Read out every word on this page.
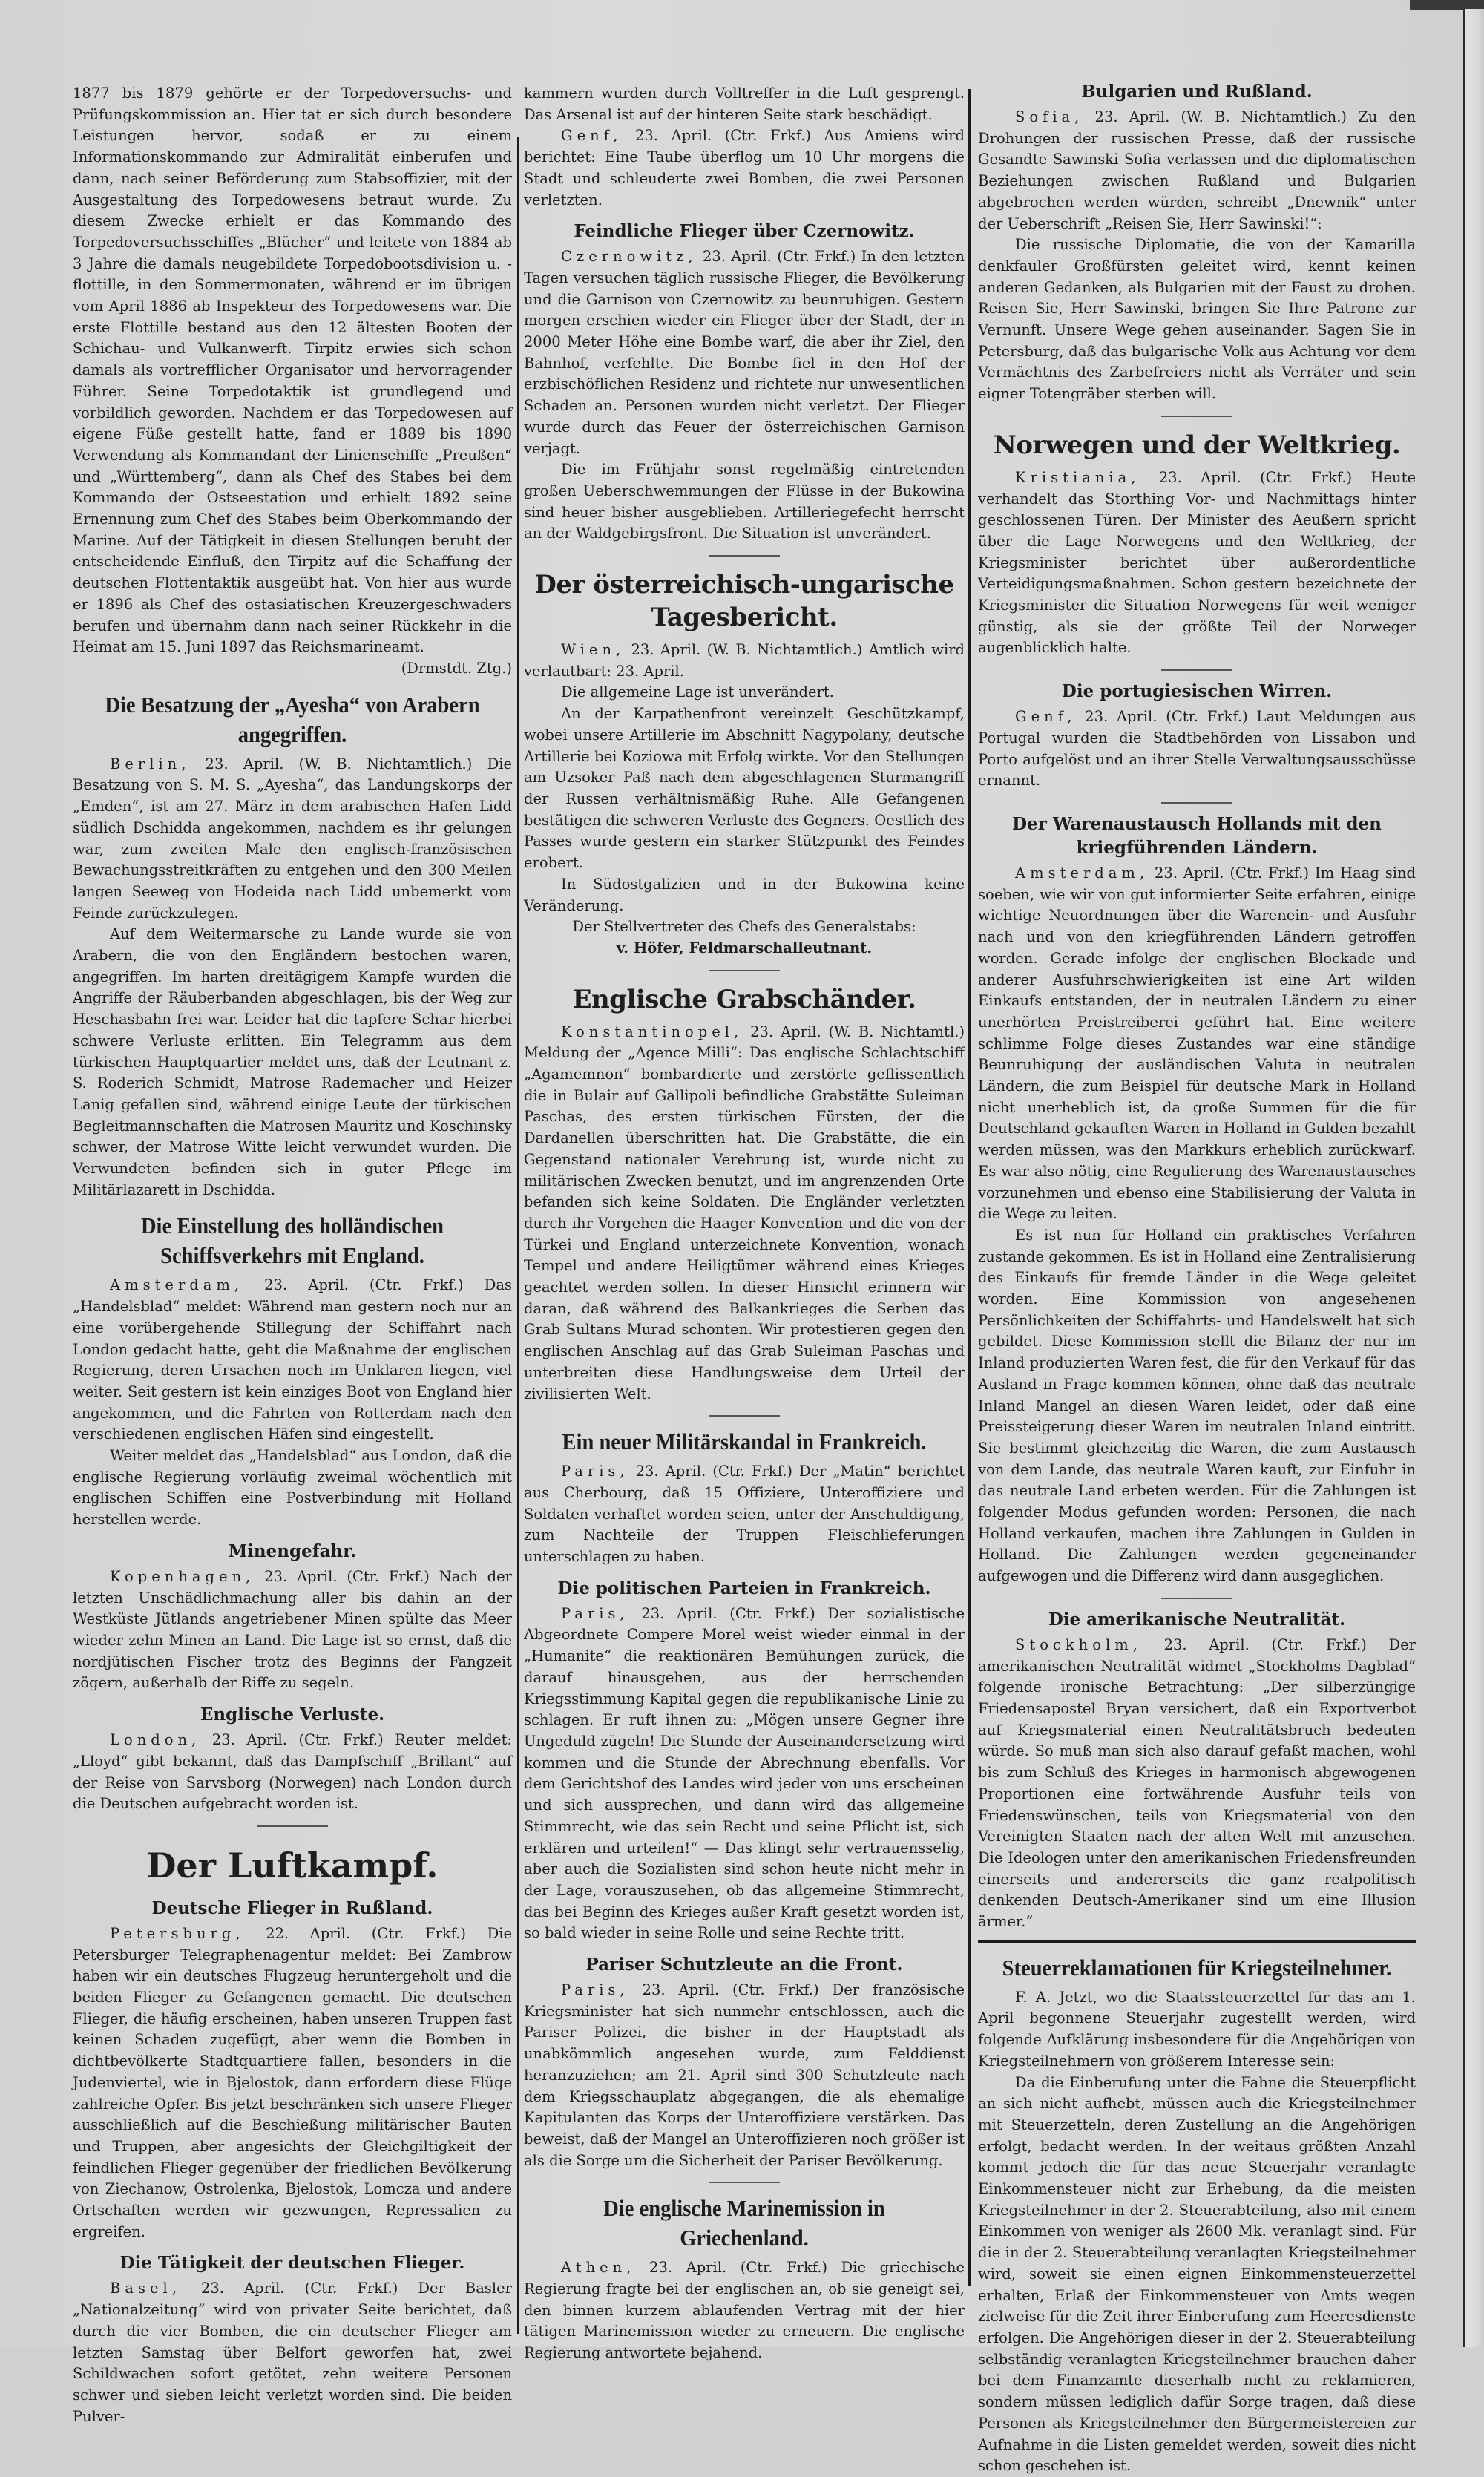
1877 bis 1879 gehörte er der Torpedoversuchs- und Prüfungskommission an. Hier tat er sich durch besondere Leistungen hervor, sodaß er zu einem Informationskommando zur Admiralität einberufen und dann, nach seiner Beförderung zum Stabsoffizier, mit der Ausgestaltung des Torpedowesens betraut wurde. Zu diesem Zwecke erhielt er das Kommando des Torpedoversuchsschiffes „Blücher“ und leitete von 1884 ab 3 Jahre die damals neugebildete Torpedobootsdivision u. -flottille, in den Sommermonaten, während er im übrigen vom April 1886 ab Inspekteur des Torpedowesens war. Die erste Flottille bestand aus den 12 ältesten Booten der Schichau- und Vulkanwerft. Tirpitz erwies sich schon damals als vortrefflicher Organisator und hervorragender Führer. Seine Torpedotaktik ist grundlegend und vorbildlich geworden. Nachdem er das Torpedowesen auf eigene Füße gestellt hatte, fand er 1889 bis 1890 Verwendung als Kommandant der Linienschiffe „Preußen“ und „Württemberg“, dann als Chef des Stabes bei dem Kommando der Ostseestation und erhielt 1892 seine Ernennung zum Chef des Stabes beim Oberkommando der Marine. Auf der Tätigkeit in diesen Stellungen beruht der entscheidende Einfluß, den Tirpitz auf die Schaffung der deutschen Flottentaktik ausgeübt hat. Von hier aus wurde er 1896 als Chef des ostasiatischen Kreuzergeschwaders berufen und übernahm dann nach seiner Rückkehr in die Heimat am 15. Juni 1897 das Reichsmarineamt.
(Drmstdt. Ztg.)

Die Besatzung der „Ayesha“ von Arabern angegriffen.

Berlin, 23. April. (W. B. Nichtamtlich.) Die Besatzung von S. M. S. „Ayesha“, das Landungskorps der „Emden“, ist am 27. März in dem arabischen Hafen Lidd südlich Dschidda angekommen, nachdem es ihr gelungen war, zum zweiten Male den englisch-französischen Bewachungsstreitkräften zu entgehen und den 300 Meilen langen Seeweg von Hodeida nach Lidd unbemerkt vom Feinde zurückzulegen.

Auf dem Weitermarsche zu Lande wurde sie von Arabern, die von den Engländern bestochen waren, angegriffen. Im harten dreitägigem Kampfe wurden die Angriffe der Räuberbanden abgeschlagen, bis der Weg zur Heschasbahn frei war. Leider hat die tapfere Schar hierbei schwere Verluste erlitten. Ein Telegramm aus dem türkischen Hauptquartier meldet uns, daß der Leutnant z. S. Roderich Schmidt, Matrose Rademacher und Heizer Lanig gefallen sind, während einige Leute der türkischen Begleitmannschaften die Matrosen Mauritz und Koschinsky schwer, der Matrose Witte leicht verwundet wurden. Die Verwundeten befinden sich in guter Pflege im Militärlazarett in Dschidda.

Die Einstellung des holländischen Schiffsverkehrs mit England.

Amsterdam, 23. April. (Ctr. Frkf.) Das „Handelsblad“ meldet: Während man gestern noch nur an eine vorübergehende Stillegung der Schiffahrt nach London gedacht hatte, geht die Maßnahme der englischen Regierung, deren Ursachen noch im Unklaren liegen, viel weiter. Seit gestern ist kein einziges Boot von England hier angekommen, und die Fahrten von Rotterdam nach den verschiedenen englischen Häfen sind eingestellt.

Weiter meldet das „Handelsblad“ aus London, daß die englische Regierung vorläufig zweimal wöchentlich mit englischen Schiffen eine Postverbindung mit Holland herstellen werde.

Minengefahr.

Kopenhagen, 23. April. (Ctr. Frkf.) Nach der letzten Unschädlichmachung aller bis dahin an der Westküste Jütlands angetriebener Minen spülte das Meer wieder zehn Minen an Land. Die Lage ist so ernst, daß die nordjütischen Fischer trotz des Beginns der Fangzeit zögern, außerhalb der Riffe zu segeln.

Englische Verluste.

London, 23. April. (Ctr. Frkf.) Reuter meldet: „Lloyd“ gibt bekannt, daß das Dampfschiff „Brillant“ auf der Reise von Sarvsborg (Norwegen) nach London durch die Deutschen aufgebracht worden ist.

Der Luftkampf.
Deutsche Flieger in Rußland.

Petersburg, 22. April. (Ctr. Frkf.) Die Petersburger Telegraphenagentur meldet: Bei Zambrow haben wir ein deutsches Flugzeug heruntergeholt und die beiden Flieger zu Gefangenen gemacht. Die deutschen Flieger, die häufig erscheinen, haben unseren Truppen fast keinen Schaden zugefügt, aber wenn die Bomben in dichtbevölkerte Stadtquartiere fallen, besonders in die Judenviertel, wie in Bjelostok, dann erfordern diese Flüge zahlreiche Opfer. Bis jetzt beschränken sich unsere Flieger ausschließlich auf die Beschießung militärischer Bauten und Truppen, aber angesichts der Gleichgiltigkeit der feindlichen Flieger gegenüber der friedlichen Bevölkerung von Ziechanow, Ostrolenka, Bjelostok, Lomcza und andere Ortschaften werden wir gezwungen, Repressalien zu ergreifen.

Die Tätigkeit der deutschen Flieger.

Basel, 23. April. (Ctr. Frkf.) Der Basler „Nationalzeitung“ wird von privater Seite berichtet, daß durch die vier Bomben, die ein deutscher Flieger am letzten Samstag über Belfort geworfen hat, zwei Schildwachen sofort getötet, zehn weitere Personen schwer und sieben leicht verletzt worden sind. Die beiden Pulver-

kammern wurden durch Volltreffer in die Luft gesprengt. Das Arsenal ist auf der hinteren Seite stark beschädigt.

Genf, 23. April. (Ctr. Frkf.) Aus Amiens wird berichtet: Eine Taube überflog um 10 Uhr morgens die Stadt und schleuderte zwei Bomben, die zwei Personen verletzten.

Feindliche Flieger über Czernowitz.

Czernowitz, 23. April. (Ctr. Frkf.) In den letzten Tagen versuchen täglich russische Flieger, die Bevölkerung und die Garnison von Czernowitz zu beunruhigen. Gestern morgen erschien wieder ein Flieger über der Stadt, der in 2000 Meter Höhe eine Bombe warf, die aber ihr Ziel, den Bahnhof, verfehlte. Die Bombe fiel in den Hof der erzbischöflichen Residenz und richtete nur unwesentlichen Schaden an. Personen wurden nicht verletzt. Der Flieger wurde durch das Feuer der österreichischen Garnison verjagt.

Die im Frühjahr sonst regelmäßig eintretenden großen Ueberschwemmungen der Flüsse in der Bukowina sind heuer bisher ausgeblieben. Artilleriegefecht herrscht an der Waldgebirgsfront. Die Situation ist unverändert.

Der österreichisch-ungarische Tagesbericht.

Wien, 23. April. (W. B. Nichtamtlich.) Amtlich wird verlautbart: 23. April.

Die allgemeine Lage ist unverändert.

An der Karpathenfront vereinzelt Geschützkampf, wobei unsere Artillerie im Abschnitt Nagypolany, deutsche Artillerie bei Koziowa mit Erfolg wirkte. Vor den Stellungen am Uzsoker Paß nach dem abgeschlagenen Sturmangriff der Russen verhältnismäßig Ruhe. Alle Gefangenen bestätigen die schweren Verluste des Gegners. Oestlich des Passes wurde gestern ein starker Stützpunkt des Feindes erobert.

In Südostgalizien und in der Bukowina keine Veränderung.

Der Stellvertreter des Chefs des Generalstabs:

v. Höfer, Feldmarschalleutnant.

Englische Grabschänder.

Konstantinopel, 23. April. (W. B. Nichtamtl.) Meldung der „Agence Milli“: Das englische Schlachtschiff „Agamemnon“ bombardierte und zerstörte geflissentlich die in Bulair auf Gallipoli befindliche Grabstätte Suleiman Paschas, des ersten türkischen Fürsten, der die Dardanellen überschritten hat. Die Grabstätte, die ein Gegenstand nationaler Verehrung ist, wurde nicht zu militärischen Zwecken benutzt, und im angrenzenden Orte befanden sich keine Soldaten. Die Engländer verletzten durch ihr Vorgehen die Haager Konvention und die von der Türkei und England unterzeichnete Konvention, wonach Tempel und andere Heiligtümer während eines Krieges geachtet werden sollen. In dieser Hinsicht erinnern wir daran, daß während des Balkankrieges die Serben das Grab Sultans Murad schonten. Wir protestieren gegen den englischen Anschlag auf das Grab Suleiman Paschas und unterbreiten diese Handlungsweise dem Urteil der zivilisierten Welt.

Ein neuer Militärskandal in Frankreich.

Paris, 23. April. (Ctr. Frkf.) Der „Matin“ berichtet aus Cherbourg, daß 15 Offiziere, Unteroffiziere und Soldaten verhaftet worden seien, unter der Anschuldigung, zum Nachteile der Truppen Fleischlieferungen unterschlagen zu haben.

Die politischen Parteien in Frankreich.

Paris, 23. April. (Ctr. Frkf.) Der sozialistische Abgeordnete Compere Morel weist wieder einmal in der „Humanite“ die reaktionären Bemühungen zurück, die darauf hinausgehen, aus der herrschenden Kriegsstimmung Kapital gegen die republikanische Linie zu schlagen. Er ruft ihnen zu: „Mögen unsere Gegner ihre Ungeduld zügeln! Die Stunde der Auseinandersetzung wird kommen und die Stunde der Abrechnung ebenfalls. Vor dem Gerichtshof des Landes wird jeder von uns erscheinen und sich aussprechen, und dann wird das allgemeine Stimmrecht, wie das sein Recht und seine Pflicht ist, sich erklären und urteilen!“ — Das klingt sehr vertrauensselig, aber auch die Sozialisten sind schon heute nicht mehr in der Lage, vorauszusehen, ob das allgemeine Stimmrecht, das bei Beginn des Krieges außer Kraft gesetzt worden ist, so bald wieder in seine Rolle und seine Rechte tritt.

Pariser Schutzleute an die Front.

Paris, 23. April. (Ctr. Frkf.) Der französische Kriegsminister hat sich nunmehr entschlossen, auch die Pariser Polizei, die bisher in der Hauptstadt als unabkömmlich angesehen wurde, zum Felddienst heranzuziehen; am 21. April sind 300 Schutzleute nach dem Kriegsschauplatz abgegangen, die als ehemalige Kapitulanten das Korps der Unteroffiziere verstärken. Das beweist, daß der Mangel an Unteroffizieren noch größer ist als die Sorge um die Sicherheit der Pariser Bevölkerung.

Die englische Marinemission in Griechenland.

Athen, 23. April. (Ctr. Frkf.) Die griechische Regierung fragte bei der englischen an, ob sie geneigt sei, den binnen kurzem ablaufenden Vertrag mit der hier tätigen Marinemission wieder zu erneuern. Die englische Regierung antwortete bejahend.

Bulgarien und Rußland.

Sofia, 23. April. (W. B. Nichtamtlich.) Zu den Drohungen der russischen Presse, daß der russische Gesandte Sawinski Sofia verlassen und die diplomatischen Beziehungen zwischen Rußland und Bulgarien abgebrochen werden würden, schreibt „Dnewnik“ unter der Ueberschrift „Reisen Sie, Herr Sawinski!“:

Die russische Diplomatie, die von der Kamarilla denkfauler Großfürsten geleitet wird, kennt keinen anderen Gedanken, als Bulgarien mit der Faust zu drohen. Reisen Sie, Herr Sawinski, bringen Sie Ihre Patrone zur Vernunft. Unsere Wege gehen auseinander. Sagen Sie in Petersburg, daß das bulgarische Volk aus Achtung vor dem Vermächtnis des Zarbefreiers nicht als Verräter und sein eigner Totengräber sterben will.

Norwegen und der Weltkrieg.

Kristiania, 23. April. (Ctr. Frkf.) Heute verhandelt das Storthing Vor- und Nachmittags hinter geschlossenen Türen. Der Minister des Aeußern spricht über die Lage Norwegens und den Weltkrieg, der Kriegsminister berichtet über außerordentliche Verteidigungsmaßnahmen. Schon gestern bezeichnete der Kriegsminister die Situation Norwegens für weit weniger günstig, als sie der größte Teil der Norweger augenblicklich halte.

Die portugiesischen Wirren.

Genf, 23. April. (Ctr. Frkf.) Laut Meldungen aus Portugal wurden die Stadtbehörden von Lissabon und Porto aufgelöst und an ihrer Stelle Verwaltungsausschüsse ernannt.

Der Warenaustausch Hollands mit den kriegführenden Ländern.

Amsterdam, 23. April. (Ctr. Frkf.) Im Haag sind soeben, wie wir von gut informierter Seite erfahren, einige wichtige Neuordnungen über die Warenein- und Ausfuhr nach und von den kriegführenden Ländern getroffen worden. Gerade infolge der englischen Blockade und anderer Ausfuhrschwierigkeiten ist eine Art wilden Einkaufs entstanden, der in neutralen Ländern zu einer unerhörten Preistreiberei geführt hat. Eine weitere schlimme Folge dieses Zustandes war eine ständige Beunruhigung der ausländischen Valuta in neutralen Ländern, die zum Beispiel für deutsche Mark in Holland nicht unerheblich ist, da große Summen für die für Deutschland gekauften Waren in Holland in Gulden bezahlt werden müssen, was den Markkurs erheblich zurückwarf. Es war also nötig, eine Regulierung des Warenaustausches vorzunehmen und ebenso eine Stabilisierung der Valuta in die Wege zu leiten.

Es ist nun für Holland ein praktisches Verfahren zustande gekommen. Es ist in Holland eine Zentralisierung des Einkaufs für fremde Länder in die Wege geleitet worden. Eine Kommission von angesehenen Persönlichkeiten der Schiffahrts- und Handelswelt hat sich gebildet. Diese Kommission stellt die Bilanz der nur im Inland produzierten Waren fest, die für den Verkauf für das Ausland in Frage kommen können, ohne daß das neutrale Inland Mangel an diesen Waren leidet, oder daß eine Preissteigerung dieser Waren im neutralen Inland eintritt. Sie bestimmt gleichzeitig die Waren, die zum Austausch von dem Lande, das neutrale Waren kauft, zur Einfuhr in das neutrale Land erbeten werden. Für die Zahlungen ist folgender Modus gefunden worden: Personen, die nach Holland verkaufen, machen ihre Zahlungen in Gulden in Holland. Die Zahlungen werden gegeneinander aufgewogen und die Differenz wird dann ausgeglichen.

Die amerikanische Neutralität.

Stockholm, 23. April. (Ctr. Frkf.) Der amerikanischen Neutralität widmet „Stockholms Dagblad“ folgende ironische Betrachtung: „Der silberzüngige Friedensapostel Bryan versichert, daß ein Exportverbot auf Kriegsmaterial einen Neutralitätsbruch bedeuten würde. So muß man sich also darauf gefaßt machen, wohl bis zum Schluß des Krieges in harmonisch abgewogenen Proportionen eine fortwährende Ausfuhr teils von Friedenswünschen, teils von Kriegsmaterial von den Vereinigten Staaten nach der alten Welt mit anzusehen. Die Ideologen unter den amerikanischen Friedensfreunden einerseits und andererseits die ganz realpolitisch denkenden Deutsch-Amerikaner sind um eine Illusion ärmer.“

Steuerreklamationen für Kriegsteilnehmer.

F. A. Jetzt, wo die Staatssteuerzettel für das am 1. April begonnene Steuerjahr zugestellt werden, wird folgende Aufklärung insbesondere für die Angehörigen von Kriegsteilnehmern von größerem Interesse sein:

Da die Einberufung unter die Fahne die Steuerpflicht an sich nicht aufhebt, müssen auch die Kriegsteilnehmer mit Steuerzetteln, deren Zustellung an die Angehörigen erfolgt, bedacht werden. In der weitaus größten Anzahl kommt jedoch die für das neue Steuerjahr veranlagte Einkommensteuer nicht zur Erhebung, da die meisten Kriegsteilnehmer in der 2. Steuerabteilung, also mit einem Einkommen von weniger als 2600 Mk. veranlagt sind. Für die in der 2. Steuerabteilung veranlagten Kriegsteilnehmer wird, soweit sie einen eignen Einkommensteuerzettel erhalten, Erlaß der Einkommensteuer von Amts wegen zielweise für die Zeit ihrer Einberufung zum Heeresdienste erfolgen. Die Angehörigen dieser in der 2. Steuerabteilung selbständig veranlagten Kriegsteilnehmer brauchen daher bei dem Finanzamte dieserhalb nicht zu reklamieren, sondern müssen lediglich dafür Sorge tragen, daß diese Personen als Kriegsteilnehmer den Bürgermeistereien zur Aufnahme in die Listen gemeldet werden, soweit dies nicht schon geschehen ist.
